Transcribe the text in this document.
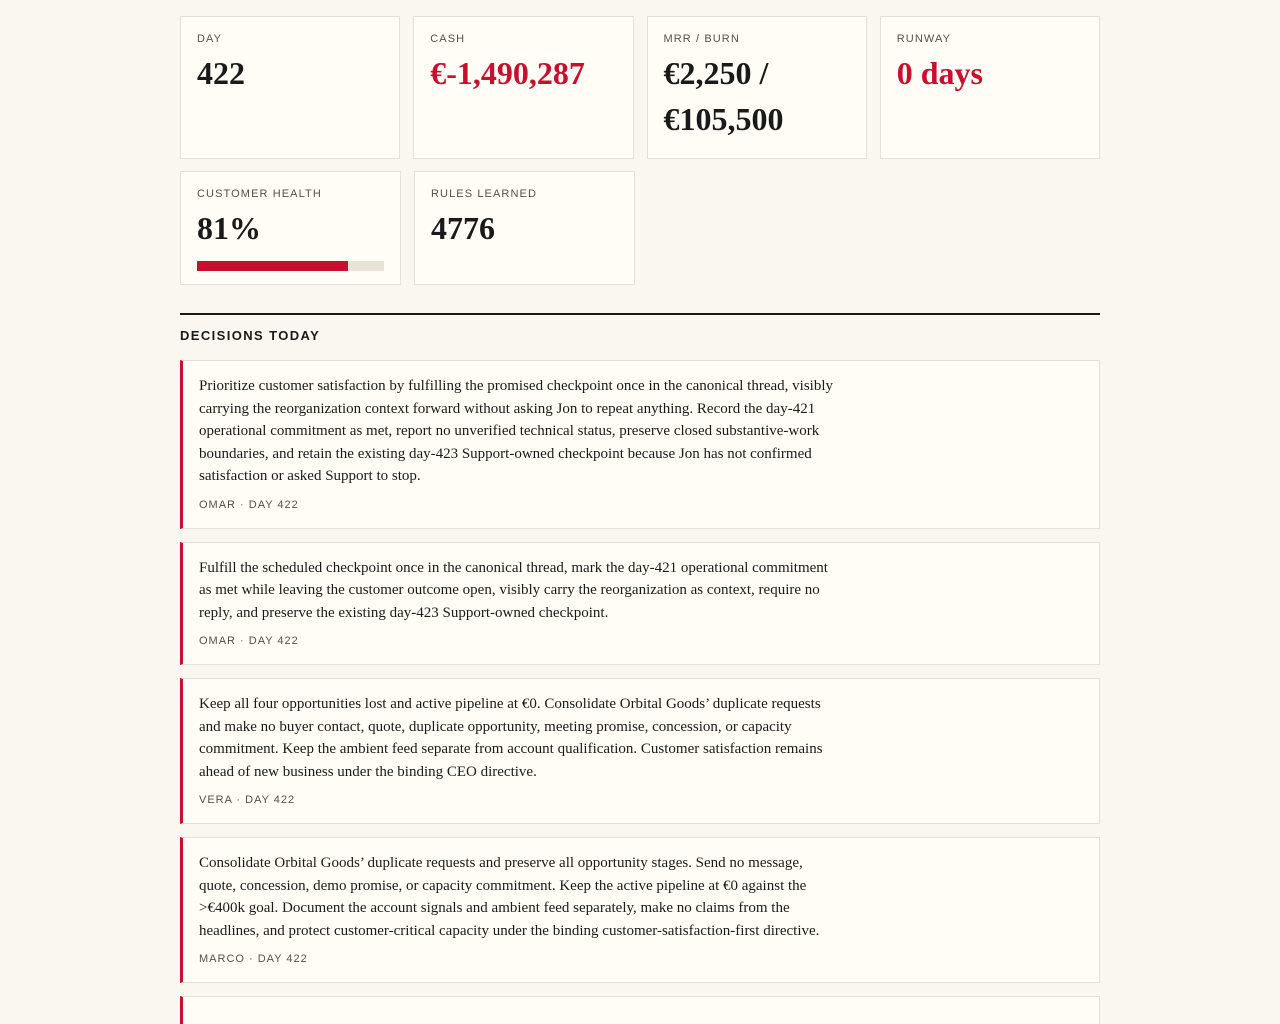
DAY
422
CASH
€-1,490,287
MRR / BURN
€2,250 / €105,500
RUNWAY
0 days
CUSTOMER HEALTH
81%
RULES LEARNED
4776
DECISIONS TODAY
Prioritize customer satisfaction by fulfilling the promised checkpoint once in the canonical thread, visibly carrying the reorganization context forward without asking Jon to repeat anything. Record the day-421 operational commitment as met, report no unverified technical status, preserve closed substantive-work boundaries, and retain the existing day-423 Support-owned checkpoint because Jon has not confirmed satisfaction or asked Support to stop.
OMAR · DAY 422
Fulfill the scheduled checkpoint once in the canonical thread, mark the day-421 operational commitment as met while leaving the customer outcome open, visibly carry the reorganization as context, require no reply, and preserve the existing day-423 Support-owned checkpoint.
OMAR · DAY 422
Keep all four opportunities lost and active pipeline at €0. Consolidate Orbital Goods’ duplicate requests and make no buyer contact, quote, duplicate opportunity, meeting promise, concession, or capacity commitment. Keep the ambient feed separate from account qualification. Customer satisfaction remains ahead of new business under the binding CEO directive.
VERA · DAY 422
Consolidate Orbital Goods’ duplicate requests and preserve all opportunity stages. Send no message, quote, concession, demo promise, or capacity commitment. Keep the active pipeline at €0 against the >€400k goal. Document the account signals and ambient feed separately, make no claims from the headlines, and protect customer-critical capacity under the binding customer-satisfaction-first directive.
MARCO · DAY 422
